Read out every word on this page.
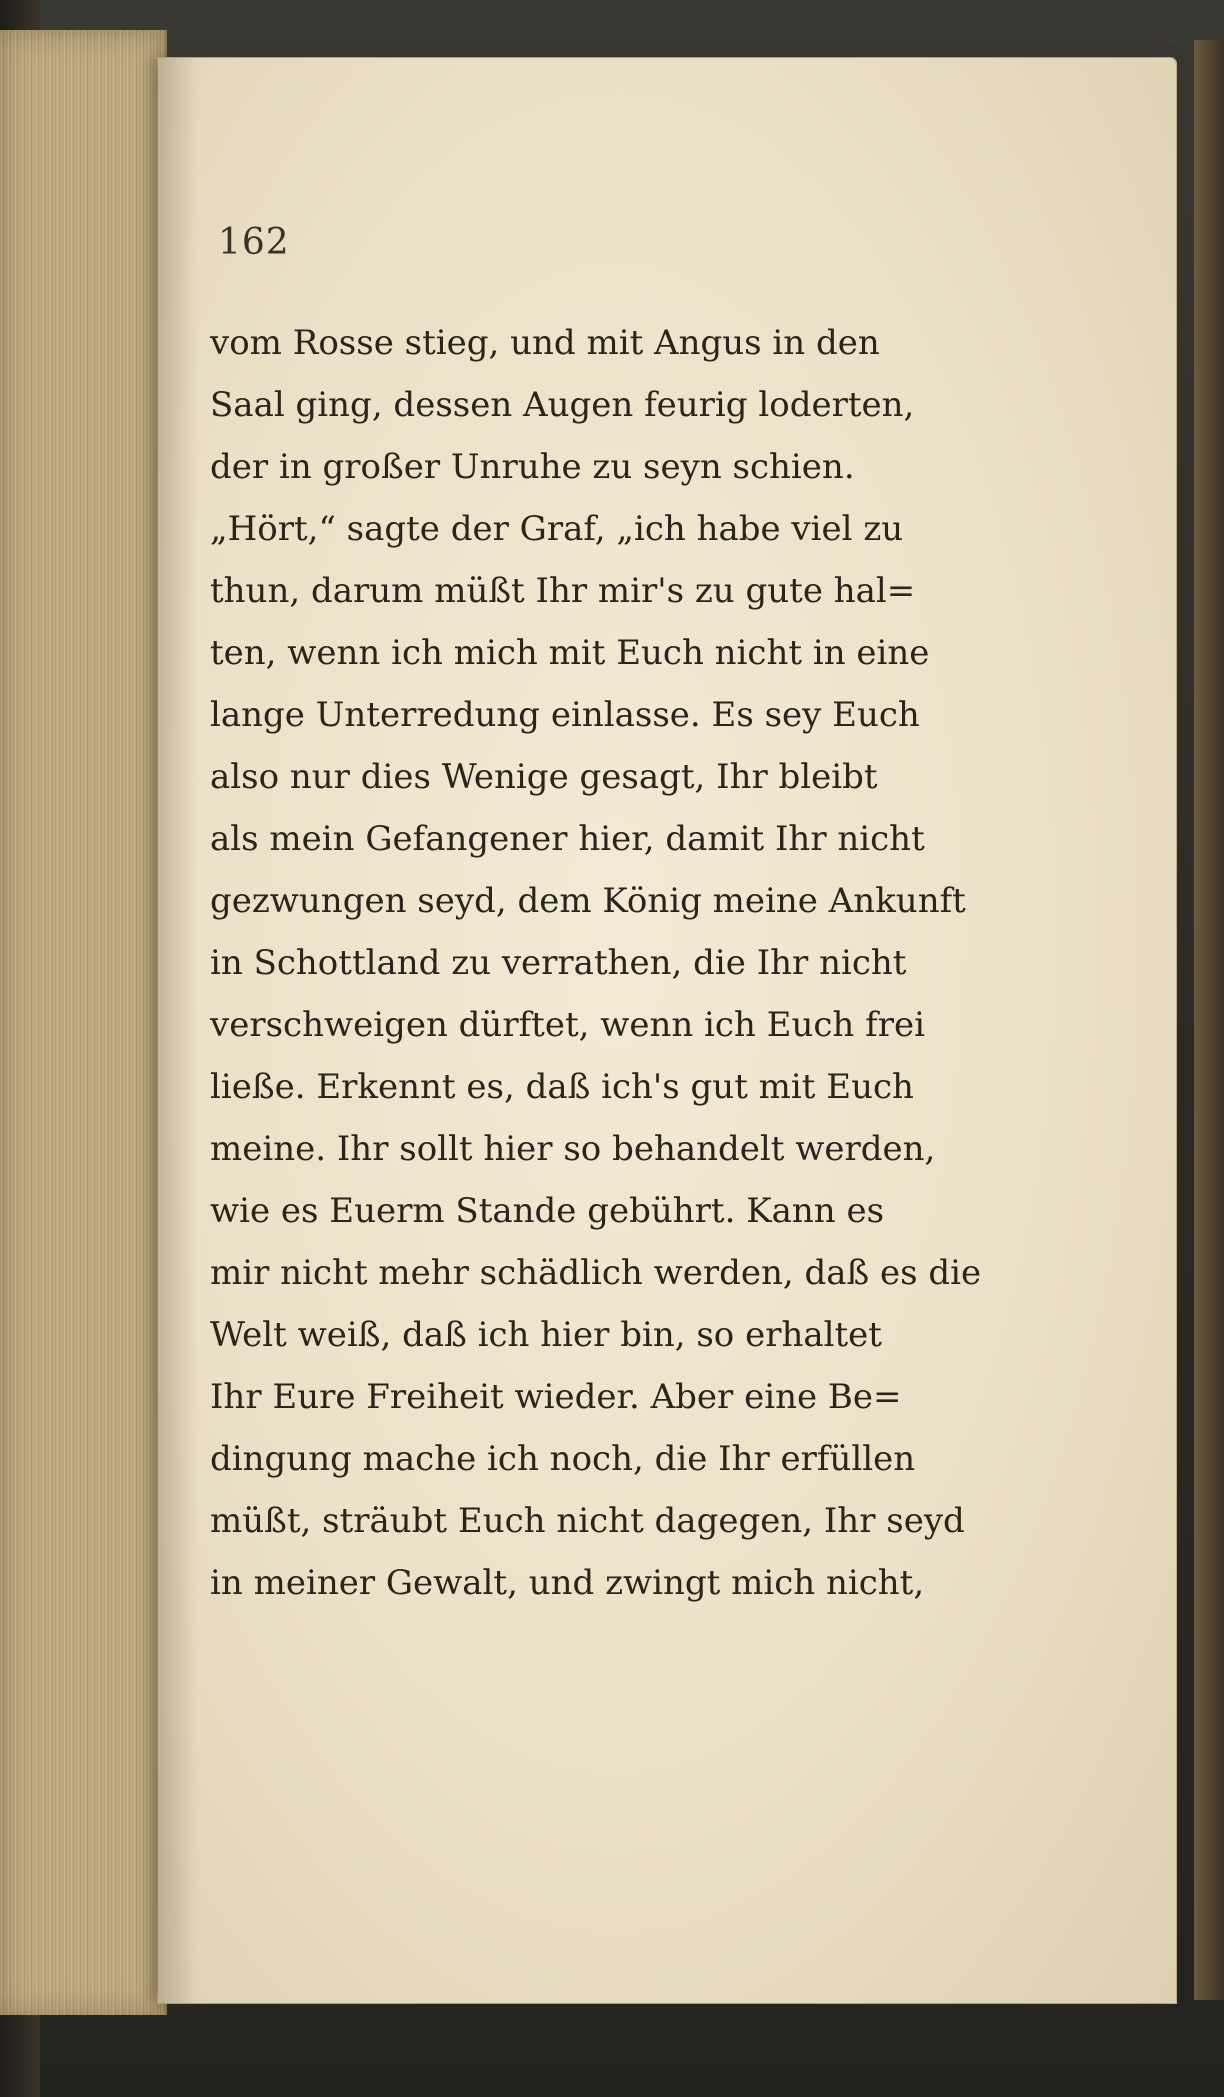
162

vom Rosse stieg, und mit Angus in den
Saal ging, dessen Augen feurig loderten,
der in großer Unruhe zu seyn schien.
„Hört,“ sagte der Graf, „ich habe viel zu
thun, darum müßt Ihr mir's zu gute hal=
ten, wenn ich mich mit Euch nicht in eine
lange Unterredung einlasse. Es sey Euch
also nur dies Wenige gesagt, Ihr bleibt
als mein Gefangener hier, damit Ihr nicht
gezwungen seyd, dem König meine Ankunft
in Schottland zu verrathen, die Ihr nicht
verschweigen dürftet, wenn ich Euch frei
ließe. Erkennt es, daß ich's gut mit Euch
meine. Ihr sollt hier so behandelt werden,
wie es Euerm Stande gebührt. Kann es
mir nicht mehr schädlich werden, daß es die
Welt weiß, daß ich hier bin, so erhaltet
Ihr Eure Freiheit wieder. Aber eine Be=
dingung mache ich noch, die Ihr erfüllen
müßt, sträubt Euch nicht dagegen, Ihr seyd
in meiner Gewalt, und zwingt mich nicht,
